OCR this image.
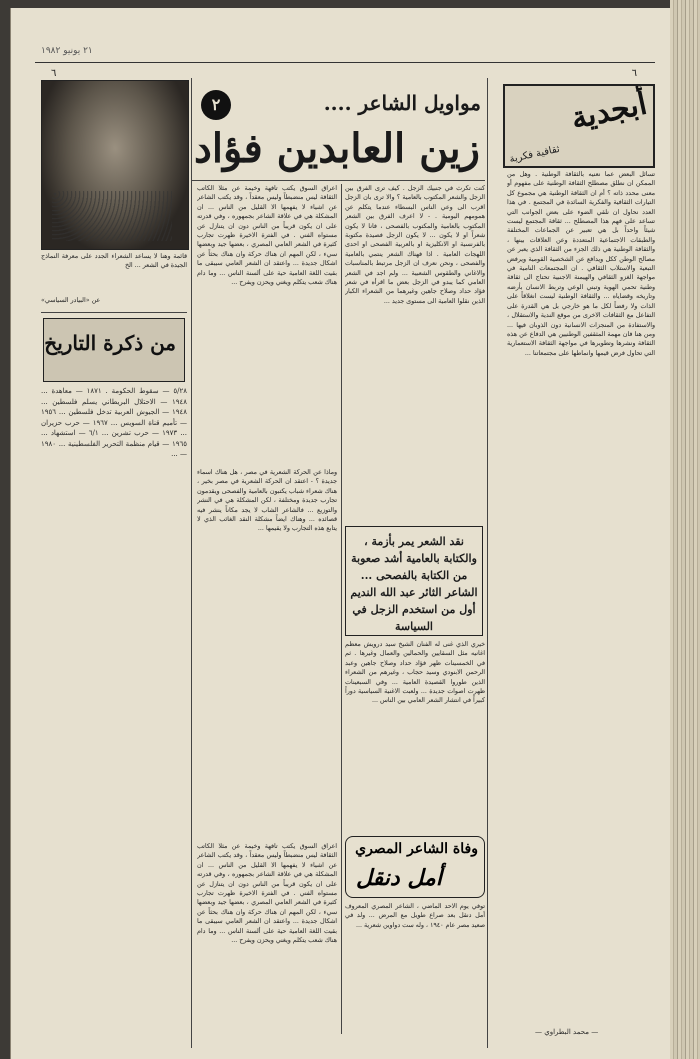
٢١ يونيو ١٩٨٢
٦	٦
أبجدية
ثقافية فكرية
تسائل البعض عما نعنيه بالثقافة الوطنية . وهل من الممكن ان نطلق مصطلح الثقافة الوطنية على مفهوم أو معنى محدد ذاته ؟ أم ان الثقافة الوطنية هي مجموع كل التيارات الثقافية والفكرية السائدة في المجتمع . في هذا العدد نحاول ان نلقي الضوء على بعض الجوانب التي تساعد على فهم هذا المصطلح ... ثقافة المجتمع ليست شيئاً واحداً بل هي تعبير عن الجماعات المختلفة والطبقات الاجتماعية المتعددة وعن العلاقات بينها ، والثقافة الوطنية هي ذلك الجزء من الثقافة الذي يعبر عن مصالح الوطن ككل ويدافع عن الشخصية القومية ويرفض التبعية والاستلاب الثقافي . ان المجتمعات النامية في مواجهة الغزو الثقافي والهيمنة الاجنبية تحتاج الى ثقافة وطنية تحمي الهوية وتبني الوعي وتربط الانسان بأرضه وتاريخه وقضاياه ... والثقافة الوطنية ليست انغلاقاً على الذات ولا رفضاً لكل ما هو خارجي بل هي القدرة على التفاعل مع الثقافات الاخرى من موقع الندية والاستقلال ، والاستفادة من المنجزات الانسانية دون الذوبان فيها ... ومن هنا فان مهمة المثقفين الوطنيين هي الدفاع عن هذه الثقافة ونشرها وتطويرها في مواجهة الثقافة الاستعمارية التي تحاول فرض قيمها وانماطها على مجتمعاتنا ...
— محمد البطراوي —
مواويل الشاعر ....
٢
زين العابدين فؤاد
كنت تكرث في جنبيك الزجل . كيف ترى الفرق بين الزجل والشعر المكتوب بالعامية ؟ والا ترى بان الزجل اقرب الى وعي الناس البسطاء عندما يتكلم عن همومهم اليومية . - لا اعرف الفرق بين الشعر المكتوب بالعامية والمكتوب بالفصحى ، فانا لا يكون شعراً او لا يكون ... لا يكون الزجل فصيدة مكتوبة بالفرنسية او الانكليزية او بالعربية الفصحى او احدى اللهجات العامية . اذا فهناك الشعر ينتمي بالعامية والفصحى ، ونحن نعرف ان الزجل مرتبط بالمناسبات والاغاني والطقوس الشعبية ... ولم اجد في الشعر العامي كما يبدو في الزجل بعض ما اقرأه في شعر فؤاد حداد وصلاح جاهين وغيرهما من الشعراء الكبار الذين نقلوا العامية الى مستوى جديد ...
اعراق السوق يكتب تافهة وخيمة عن مثلا الكاتب الثقافة ليس منضبطاً وليس معقداً ، وقد يكتب الشاعر عن اشياء لا يفهمها الا القليل من الناس ... ان المشكلة هي في علاقة الشاعر بجمهوره ، وفي قدرته على ان يكون قريباً من الناس دون ان يتنازل عن مستواه الفني . في الفترة الاخيرة ظهرت تجارب كثيرة في الشعر العامي المصري ، بعضها جيد وبعضها سيء ، لكن المهم ان هناك حركة وان هناك بحثاً عن اشكال جديدة ... واعتقد ان الشعر العامي سيبقى ما بقيت اللغة العامية حية على ألسنة الناس ... وما دام هناك شعب يتكلم ويغني ويحزن ويفرح ...
نقد الشعر يمر بأزمة ، والكتابة بالعامية أشد صعوبة من الكتابة بالفصحى ... الشاعر الثائر عبد الله النديم أول من استخدم الزجل في السياسة
خيري الذي غنى له الفنان الشيخ سيد درويش معظم اغانيه مثل السقايين والحمالين والعمال وغيرها . ثم في الخمسينات ظهر فؤاد حداد وصلاح جاهين وعبد الرحمن الابنودي وسيد حجاب ، وغيرهم من الشعراء الذين طوروا القصيدة العامية ... وفي السبعينات ظهرت اصوات جديدة ... ولعبت الاغنية السياسية دوراً كبيراً في انتشار الشعر العامي بين الناس ...
وماذا عن الحركة الشعرية في مصر ، هل هناك اسماء جديدة ؟ - اعتقد ان الحركة الشعرية في مصر بخير ، هناك شعراء شباب يكتبون بالعامية والفصحى ويقدمون تجارب جديدة ومختلفة ، لكن المشكلة هي في النشر والتوزيع ... فالشاعر الشاب لا يجد مكاناً ينشر فيه قصائده ... وهناك ايضاً مشكلة النقد الغائب الذي لا يتابع هذه التجارب ولا يقيمها ...
وفاة الشاعر المصري
أمل دنقل
توفي يوم الاحد الماضي ، الشاعر المصري المعروف أمل دنقل بعد صراع طويل مع المرض ... ولد في صعيد مصر عام ١٩٤٠ ، وله ست دواوين شعرية ...
اعراق السوق يكتب تافهة وخيمة عن مثلا الكاتب الثقافة ليس منضبطاً وليس معقداً ، وقد يكتب الشاعر عن اشياء لا يفهمها الا القليل من الناس ... ان المشكلة هي في علاقة الشاعر بجمهوره ، وفي قدرته على ان يكون قريباً من الناس دون ان يتنازل عن مستواه الفني . في الفترة الاخيرة ظهرت تجارب كثيرة في الشعر العامي المصري ، بعضها جيد وبعضها سيء ، لكن المهم ان هناك حركة وان هناك بحثاً عن اشكال جديدة ... واعتقد ان الشعر العامي سيبقى ما بقيت اللغة العامية حية على ألسنة الناس ... وما دام هناك شعب يتكلم ويغني ويحزن ويفرح ...
قائمة وهنا لا يساعد الشعراء الجدد على معرفة النماذج الجيدة في الشعر ... الخ
عن «البيادر السياسي»
من ذكرة التاريخ
٥/٢٨ — سقوط الحكومة . ١٨٧١ — معاهدة ... ١٩٤٨ — الاحتلال البريطاني يسلم فلسطين ... ١٩٤٨ — الجيوش العربية تدخل فلسطين ... ١٩٥٦ — تأميم قناة السويس ... ١٩٦٧ — حرب حزيران ... ١٩٧٣ — حرب تشرين ... ٦/١ — استشهاد ... ١٩٦٥ — قيام منظمة التحرير الفلسطينية ... ١٩٨٠ — ...
